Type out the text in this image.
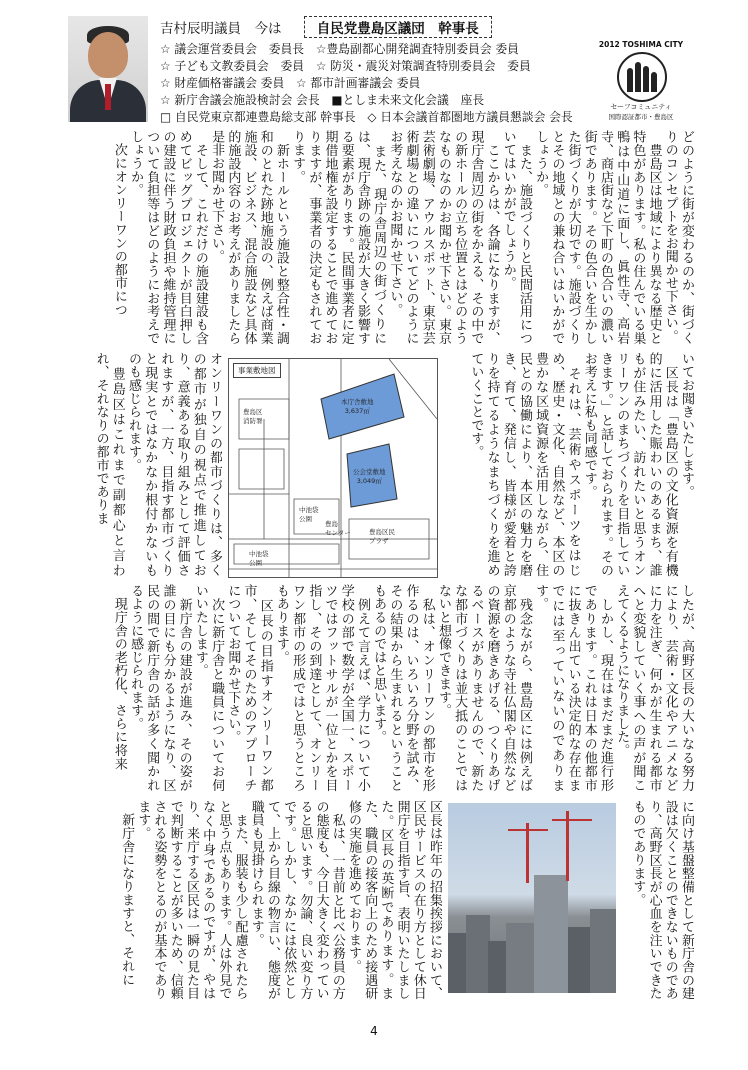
吉村辰明議員　今は	自民党豊島区議団　幹事長
☆ 議会運営委員会　委員長　☆豊島副都心開発調査特別委員会 委員
☆ 子ども文教委員会　委員　☆ 防災・震災対策調査特別委員会　委員
☆ 財産価格審議会 委員　☆ 都市計画審議会 委員
☆ 新庁舎議会施設検討会 会長　■としま未来文化会議　座長
□ 自民党東京都連豊島総支部 幹事長　◇ 日本会議首都圏地方議員懇談会 会長
2012 TOSHIMA CITY
セーフコミュニティ
国際認証都市・豊島区
どのように街が変わるのか、街づくりのコンセプトをお聞かせ下さい。
　豊島区は地域により異なる歴史と特色があります。私の住んでいる巣鴨は中山道に面し、眞性寺、高岩寺、商店街など下町の色合いの濃い街であります。その色合いを生かした街づくりが大切です。施設づくりとその地域との兼ね合いはいかがでしょうか。
　また、施設づくりと民間活用についてはいかがでしょうか。
　ここからは、各論になりますが、現庁舎周辺の街をかえる、その中での新ホールの立ち位置とはどのようなものなのかお聞かせ下さい。東京芸術劇場、アウルスポット、東京芸術劇場との違いについてどのようにお考えなのかお聞かせ下さい。
　また、現庁舎周辺の街づくりには、現庁舎跡の施設が大きく影響する要素があります。民間事業者に定期借地権を設定することで進めておりますが、事業者の決定もされております。
　新ホールという施設と整合性・調和のとれた跡地施設の、例えば商業施設、ビジネス、混合施設など具体的施設内容のお考えがありましたら是非お聞かせ下さい。
　そして、これだけの施設建設も含めてビッグプロジェクトが目白押しの建設に伴う財政負担や維持管理について負担等はどのようにお考えでしょうか。
　次にオンリーワンの都市につ
いてお聞きいたします。
　区長は「豊島区の文化資源を有機的に活用した賑わいのあるまち、誰もが住みたい、訪れたいと思うオンリーワンのまちづくりを目指していきます。」と話しておられます。そのお考えに私も同感です。
　それは、芸術やスポーツをはじめ、歴史・文化、自然など、本区の豊かな区域資源を活用しながら、住民との協働により、本区の魅力を磨き、育て、発信し、皆様が愛着と誇りを持てるようなまちづくりを進めていくことです。
オンリーワンの都市づくりは、多くの都市が独自の視点で推進しており、意義ある取り組みとして評価されますが、一方、目指す都市づくりと現実とではなかなか根付かないものも感じられます。
　豊島区はこれまで副都心と言われ、それなりの都市でありま
したが、高野区長の大いなる努力により、芸術・文化やアニメなどに力を注ぎ、何かが生まれる都市へと変貌していく事への声が聞こえてくるようになりました。
　しかし、現在はまだまだ進行形であります。これは日本の他都市に抜きん出ている決定的な存在までには至っていないのであります。
　残念ながら、豊島区には例えば京都のような寺社仏閣や自然などの資源を磨きあげる、つくりあげるベースがありませんので、新たな都市づくりは並大抵のことではないと想像できます。
　私は、オンリーワンの都市を形作るのは、いろいろ分野を試み、その結果から生まれるということもあるのではと思います。
　例えて言えば、学力について小学校の部で数学が全国一、スポーツではフットサルが一位とかを目指し、その到達として、オンリーワン都市の形成ではと思うところもあります。
　区長の目指すオンリーワン都市、そしてそのためのアプローチについてお聞かせ下さい。
　次に新庁舎と職員についてお伺いいたします。
　新庁舎の建設が進み、その姿が誰の目にも分かるようになり、区民の間で新庁舎の話が多く聞かれるように感じられます。
　現庁舎の老朽化、さらに将来
に向け基盤整備として新庁舎の建設は欠くことのできないものであり、高野区長が心血を注いできたものであります。
区長は昨年の招集挨拶において、区民サービスの在り方として休日開庁を目指す旨、表明いたしました。区長の英断であります。また、職員の接客向上のため接遇研修の実施を進めております。
　私は、一昔前と比べ公務員の方の態度も、今日大きく変わっていると思います。勿論、良い変り方です。しかし、なかには依然として、上から目線の物言い、態度が職員も見掛けられます。
　また、服装も少し配慮されたらと思う点もあります。人は外見でなく中身であるのですが、やはり、来庁する区民は一瞬の見た目で判断することが多いため、信頼される姿勢をとるのが基本であります。
　新庁舎になりますと、それに
事業敷地図
本庁舎敷地
3,637㎡
公会堂敷地
3,049㎡
豊島区
消防署
中池袋
公園
豊島
センター	豊島区民
プラザ
中池袋
公園
4
